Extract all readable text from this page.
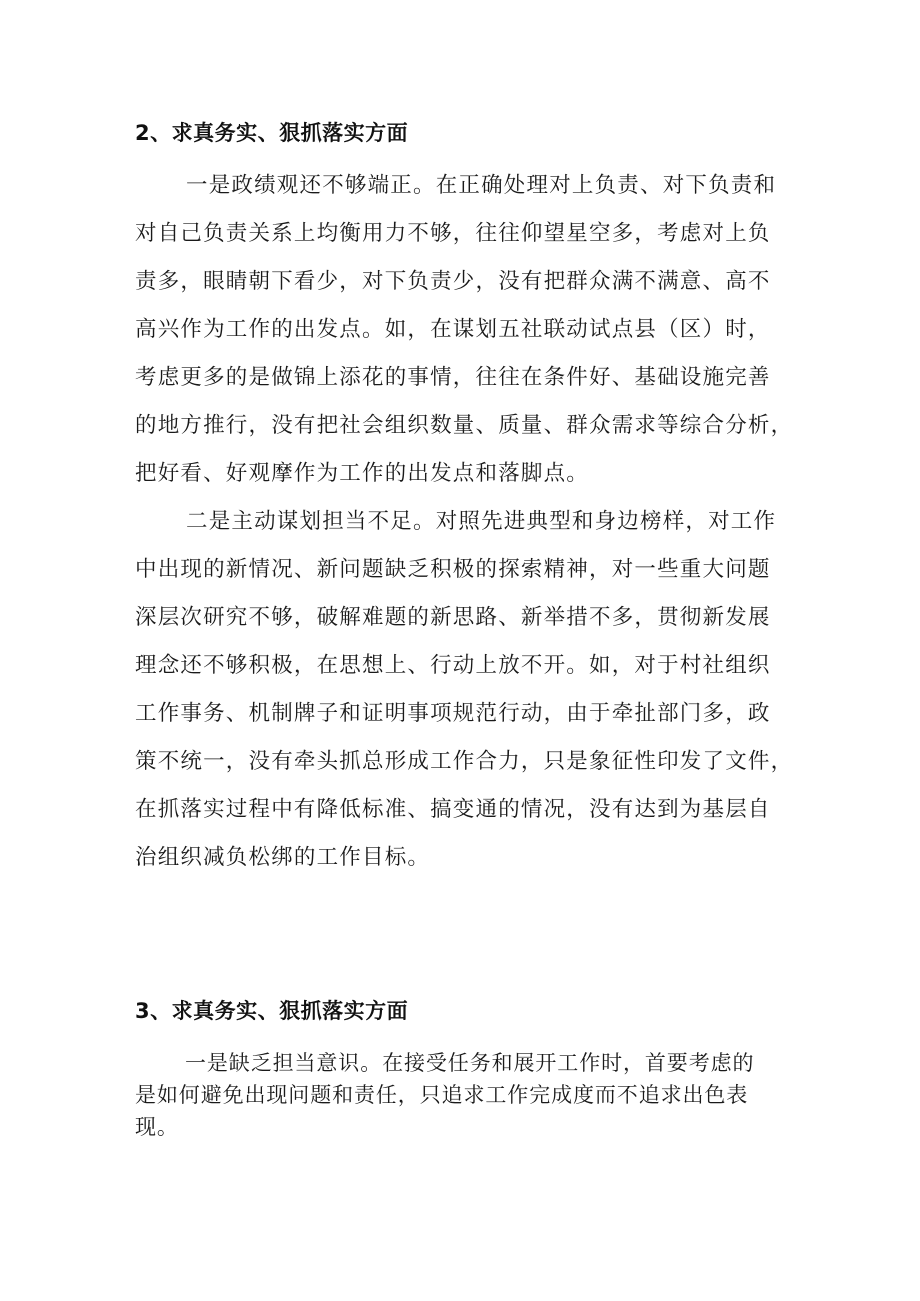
2、求真务实、狠抓落实方面
一是政绩观还不够端正。在正确处理对上负责、对下负责和
对自己负责关系上均衡用力不够，往往仰望星空多，考虑对上负
责多，眼睛朝下看少，对下负责少，没有把群众满不满意、高不
高兴作为工作的出发点。如，在谋划五社联动试点县（区）时，
考虑更多的是做锦上添花的事情，往往在条件好、基础设施完善
的地方推行，没有把社会组织数量、质量、群众需求等综合分析，
把好看、好观摩作为工作的出发点和落脚点。
二是主动谋划担当不足。对照先进典型和身边榜样，对工作
中出现的新情况、新问题缺乏积极的探索精神，对一些重大问题
深层次研究不够，破解难题的新思路、新举措不多，贯彻新发展
理念还不够积极，在思想上、行动上放不开。如，对于村社组织
工作事务、机制牌子和证明事项规范行动，由于牵扯部门多，政
策不统一，没有牵头抓总形成工作合力，只是象征性印发了文件，
在抓落实过程中有降低标准、搞变通的情况，没有达到为基层自
治组织减负松绑的工作目标。
3、求真务实、狠抓落实方面
一是缺乏担当意识。在接受任务和展开工作时，首要考虑的
是如何避免出现问题和责任，只追求工作完成度而不追求出色表
现。
